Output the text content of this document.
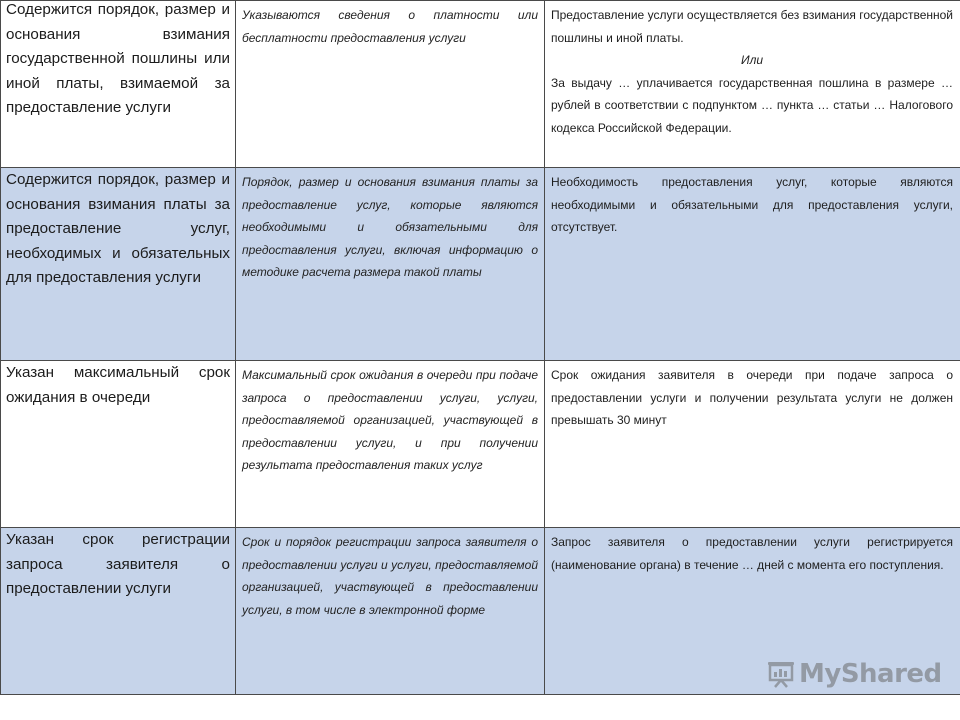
Содержится порядок, размер и основания взимания государственной пошлины или иной платы, взимаемой за предоставление услуги	Указываются сведения о платности или бесплатности предоставления услуги	Предоставление услуги осуществляется без взимания государственной пошлины и иной платы.
Или
За выдачу … уплачивается государственная пошлина в размере … рублей в соответствии с подпунктом … пункта … статьи … Налогового кодекса Российской Федерации.

Содержится порядок, размер и основания взимания платы за предоставление услуг, необходимых и обязательных для предоставления услуги	Порядок, размер и основания взимания платы за предоставление услуг, которые являются необходимыми и обязательными для предоставления услуги, включая информацию о методике расчета размера такой платы	Необходимость предоставления услуг, которые являются необходимыми и обязательными для предоставления услуги, отсутствует.

Указан максимальный срок ожидания в очереди	Максимальный срок ожидания в очереди при подаче запроса о предоставлении услуги, услуги, предоставляемой организацией, участвующей в предоставлении услуги, и при получении результата предоставления таких услуг	Срок ожидания заявителя в очереди при подаче запроса о предоставлении услуги и получении результата услуги не должен превышать 30 минут

Указан срок регистрации запроса заявителя о предоставлении услуги	Срок и порядок регистрации запроса заявителя о предоставлении услуги и услуги, предоставляемой организацией, участвующей в предоставлении услуги, в том числе в электронной форме	Запрос заявителя о предоставлении услуги регистрируется (наименование органа) в течение … дней с момента его поступления.
MyShared
